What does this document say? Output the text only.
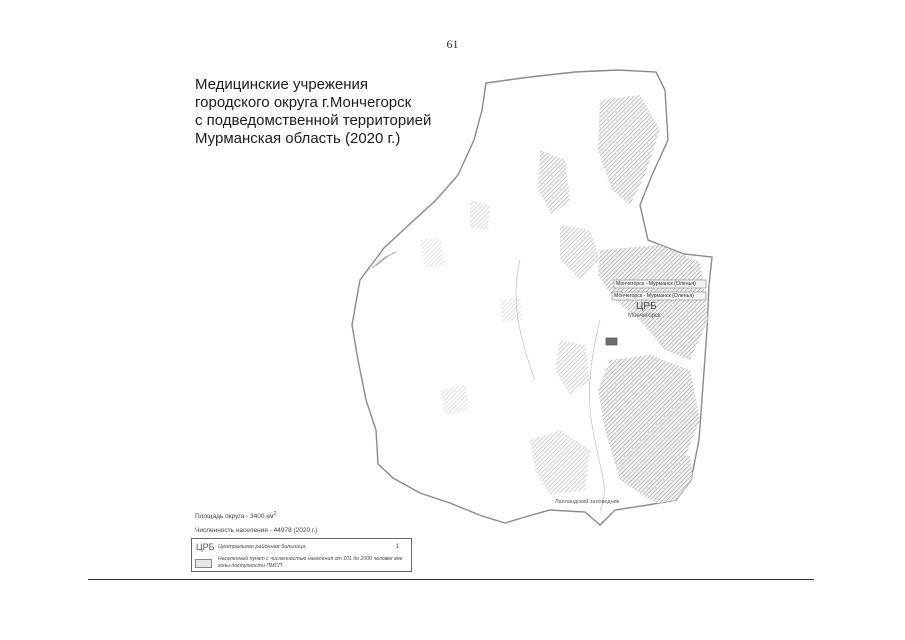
61
Медицинские учрежения
городского округа г.Мончегорск
с подведомственной территорией
Мурманская область (2020 г.)
Мончегорск - Мурманск (Оленья)
Мончегорск - Мурманск (Оленья)
ЦРБ
Мончегорск
Лапландский заповедник
Площадь округа - 3400 $км^2$
Численность населения - 44978 (2020 г.)
ЦРБ Центральная районная больница	1
Населенный пункт с численностью населения от 101 до 2000 человек вне зоны доступности ПМСП
